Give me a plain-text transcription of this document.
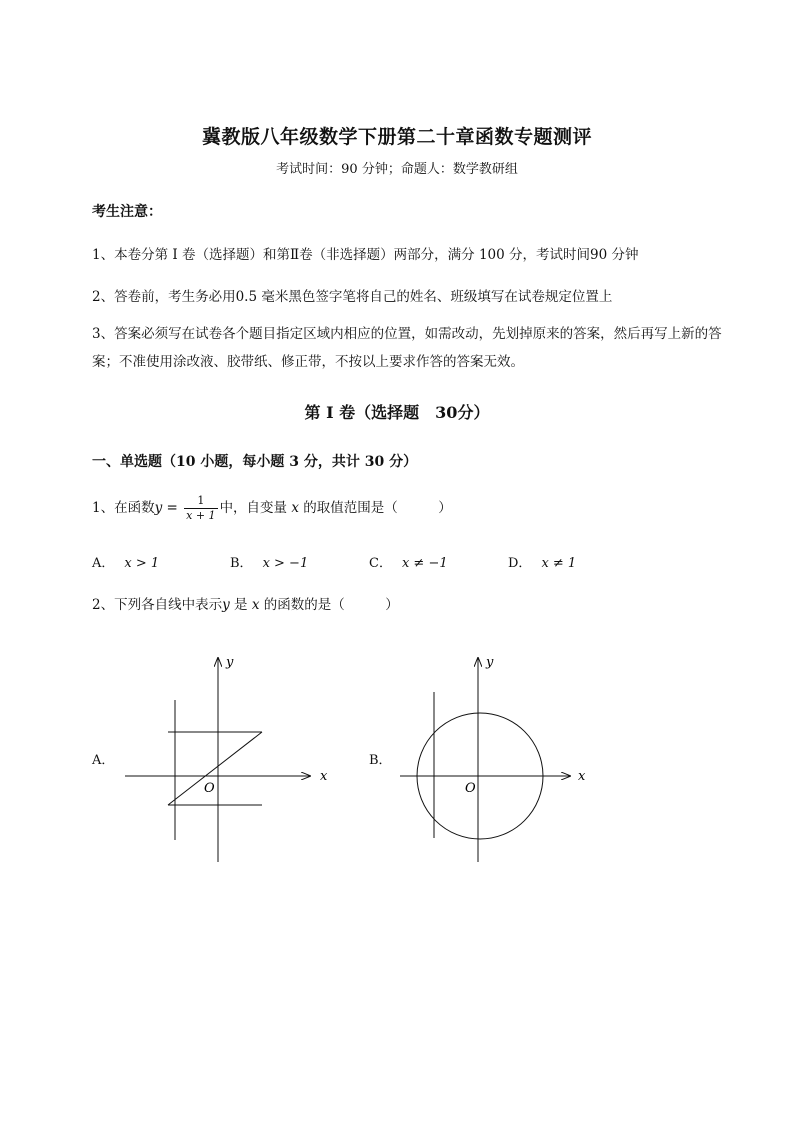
冀教版八年级数学下册第二十章函数专题测评
考试时间：90 分钟；命题人：数学教研组
考生注意：
1、本卷分第 I 卷（选择题）和第Ⅱ卷（非选择题）两部分，满分 100 分，考试时间90 分钟
2、答卷前，考生务必用0.5 毫米黑色签字笔将自己的姓名、班级填写在试卷规定位置上
3、答案必须写在试卷各个题目指定区域内相应的位置，如需改动，先划掉原来的答案，然后再写上新的答案；不准使用涂改液、胶带纸、修正带，不按以上要求作答的答案无效。
第 I 卷（选择题　30分）
一、单选题（10 小题，每小题 3 分，共计 30 分）
1、在函数$y = \frac{1}{x + 1}$ 中，自变量 x 的取值范围是（　　　）
A． x > 1	B． x > −1	C． x ≠ −1	D． x ≠ 1
2、下列各自线中表示y 是 x 的函数的是（　　　）
A．
x
y
O
B．
x
y
O
